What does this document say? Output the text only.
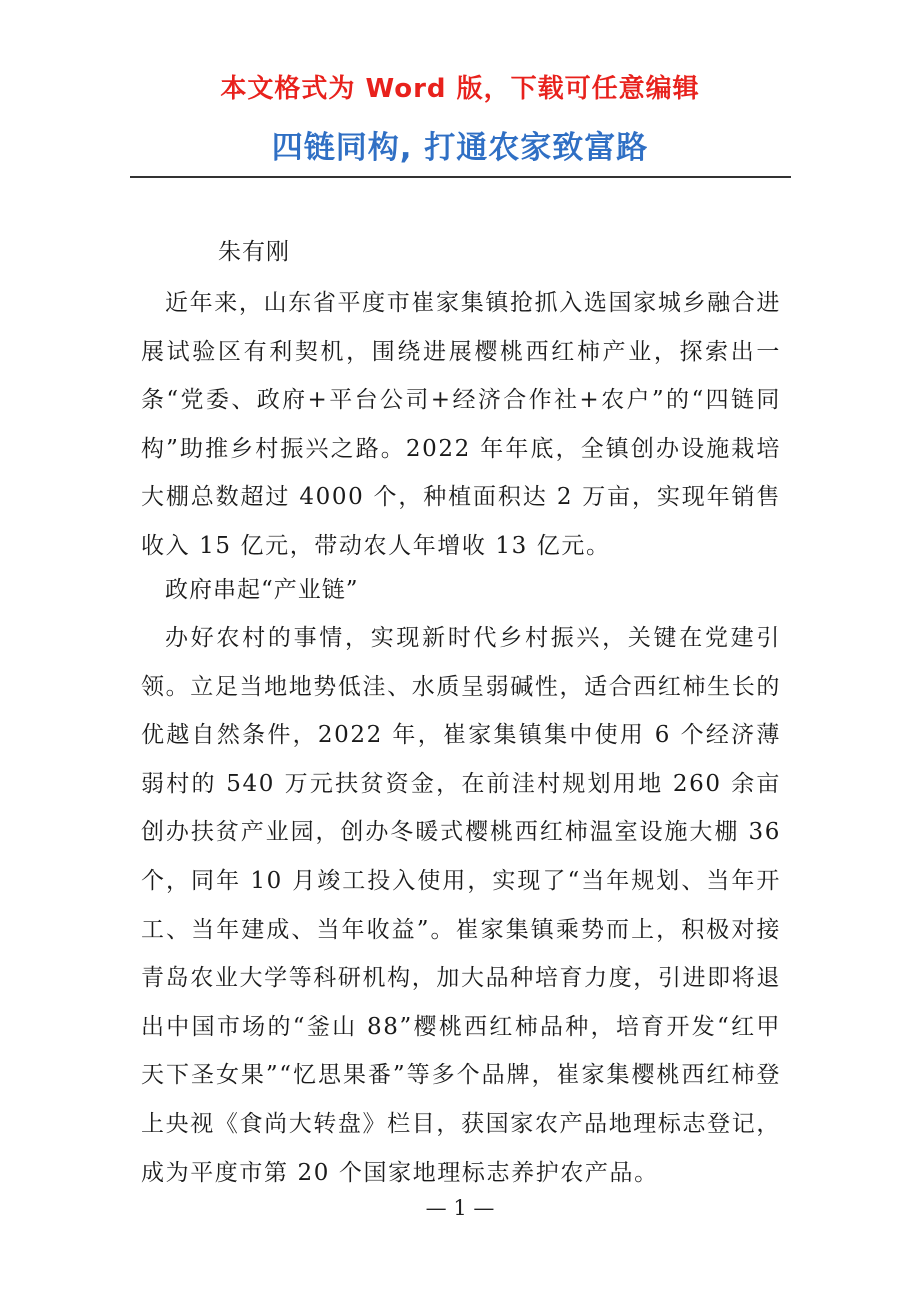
本文格式为 Word 版，下载可任意编辑
四链同构, 打通农家致富路
朱有刚

近年来，山东省平度市崔家集镇抢抓入选国家城乡融合进展试验区有利契机，围绕进展樱桃西红柿产业，探索出一条“党委、政府+平台公司+经济合作社+农户”的“四链同构”助推乡村振兴之路。2022 年年底，全镇创办设施栽培大棚总数超过 4000 个，种植面积达 2 万亩，实现年销售收入 15 亿元，带动农人年增收 13 亿元。

政府串起“产业链”

办好农村的事情，实现新时代乡村振兴，关键在党建引领。立足当地地势低洼、水质呈弱碱性，适合西红柿生长的优越自然条件，2022 年，崔家集镇集中使用 6 个经济薄弱村的 540 万元扶贫资金，在前洼村规划用地 260 余亩创办扶贫产业园，创办冬暖式樱桃西红柿温室设施大棚 36 个，同年 10 月竣工投入使用，实现了“当年规划、当年开工、当年建成、当年收益”。崔家集镇乘势而上，积极对接青岛农业大学等科研机构，加大品种培育力度，引进即将退出中国市场的“釜山 88”樱桃西红柿品种，培育开发“红甲天下圣女果”“忆思果番”等多个品牌，崔家集樱桃西红柿登上央视《食尚大转盘》栏目，获国家农产品地理标志登记，成为平度市第 20 个国家地理标志养护农产品。

— 1 —
